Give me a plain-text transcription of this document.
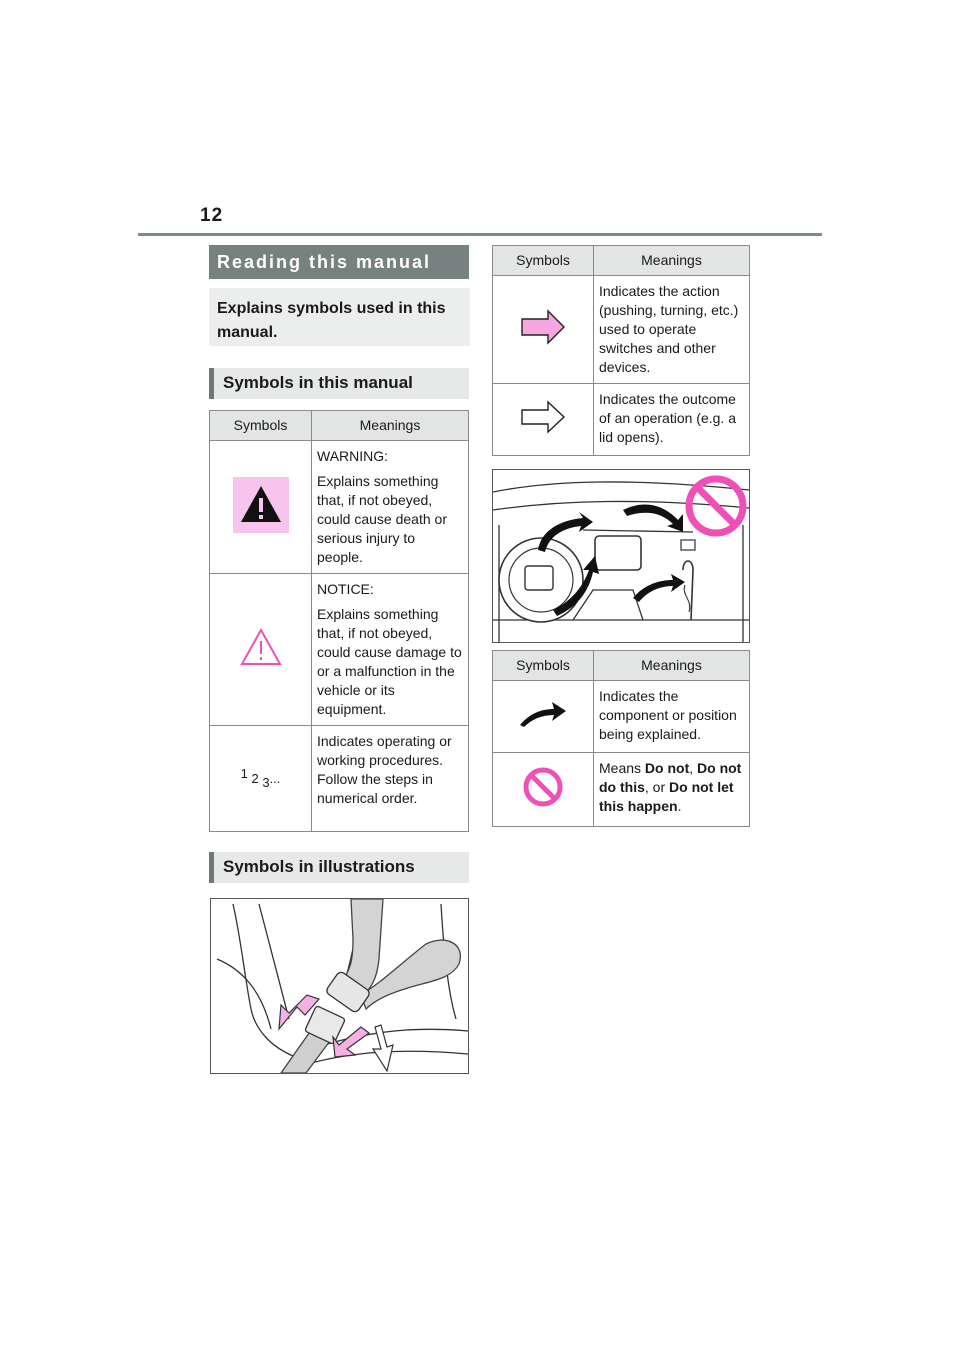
12
Reading this manual
Explains symbols used in this manual.
Symbols in this manual
Symbols	Meanings

WARNING:

Explains something that, if not obeyed, could cause death or serious injury to people.

NOTICE:

Explains something that, if not obeyed, could cause damage to or a malfunction in the vehicle or its equipment.

1 2 3...	Indicates operating or working procedures. Follow the steps in numerical order.

Symbols in illustrations
Symbols	Meanings

Indicates the action (pushing, turning, etc.) used to operate switches and other devices.

Indicates the outcome of an operation (e.g. a lid opens).

Symbols	Meanings

Indicates the component or position being explained.

Means Do not, Do not do this, or Do not let this happen.
